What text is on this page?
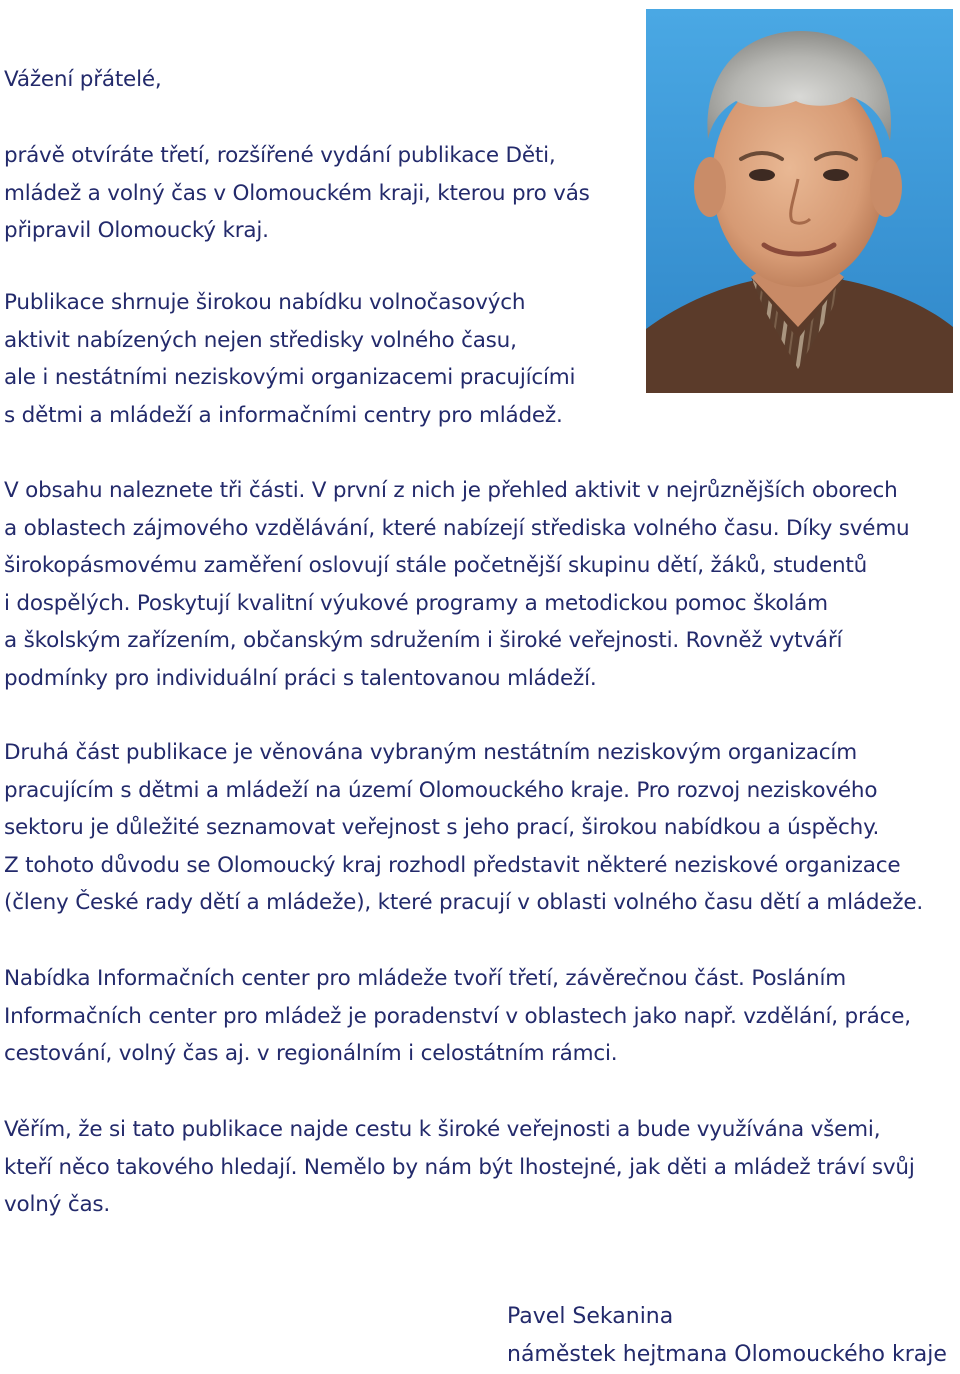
Vážení přátelé,

právě otvíráte třetí, rozšířené vydání publikace Děti,
mládež a volný čas v Olomouckém kraji, kterou pro vás
připravil Olomoucký kraj.

Publikace shrnuje širokou nabídku volnočasových
aktivit nabízených nejen středisky volného času,
ale i nestátními neziskovými organizacemi pracujícími
s dětmi a mládeží a informačními centry pro mládež.

V obsahu naleznete tři části. V první z nich je přehled aktivit v nejrůznějších oborech
a oblastech zájmového vzdělávání, které nabízejí střediska volného času. Díky svému
širokopásmovému zaměření oslovují stále početnější skupinu dětí, žáků, studentů
i dospělých. Poskytují kvalitní výukové programy a metodickou pomoc školám
a školským zařízením, občanským sdružením i široké veřejnosti. Rovněž vytváří
podmínky pro individuální práci s talentovanou mládeží.

Druhá část publikace je věnována vybraným nestátním neziskovým organizacím
pracujícím s dětmi a mládeží na území Olomouckého kraje. Pro rozvoj neziskového
sektoru je důležité seznamovat veřejnost s jeho prací, širokou nabídkou a úspěchy.
Z tohoto důvodu se Olomoucký kraj rozhodl představit některé neziskové organizace
(členy České rady dětí a mládeže), které pracují v oblasti volného času dětí a mládeže.

Nabídka Informačních center pro mládeže tvoří třetí, závěrečnou část. Posláním
Informačních center pro mládež je poradenství v oblastech jako např. vzdělání, práce,
cestování, volný čas aj. v regionálním i celostátním rámci.

Věřím, že si tato publikace najde cestu k široké veřejnosti a bude využívána všemi,
kteří něco takového hledají. Nemělo by nám být lhostejné, jak děti a mládež tráví svůj
volný čas.

Pavel Sekanina
náměstek hejtmana Olomouckého kraje
